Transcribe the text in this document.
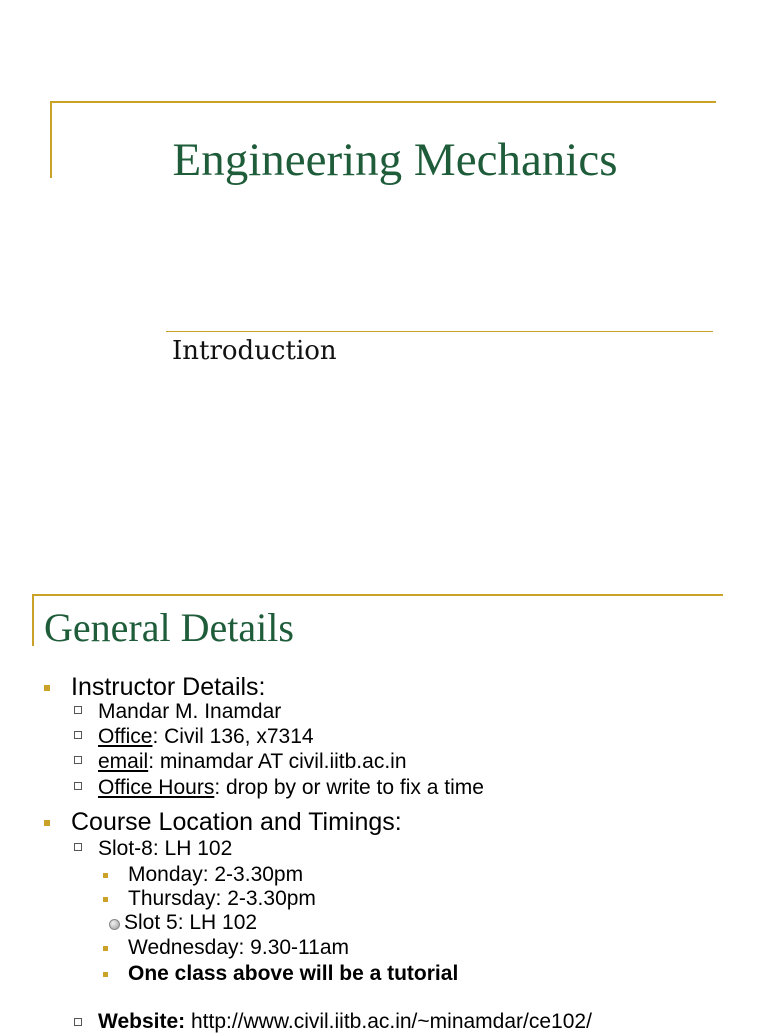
Engineering Mechanics
Introduction
General Details
Instructor Details:
Mandar M. Inamdar
Office: Civil 136, x7314
email: minamdar AT civil.iitb.ac.in
Office Hours: drop by or write to fix a time
Course Location and Timings:
Slot-8: LH 102
Monday: 2-3.30pm
Thursday: 2-3.30pm
Slot 5: LH 102
Wednesday: 9.30-11am
One class above will be a tutorial
Website: http://www.civil.iitb.ac.in/~minamdar/ce102/
